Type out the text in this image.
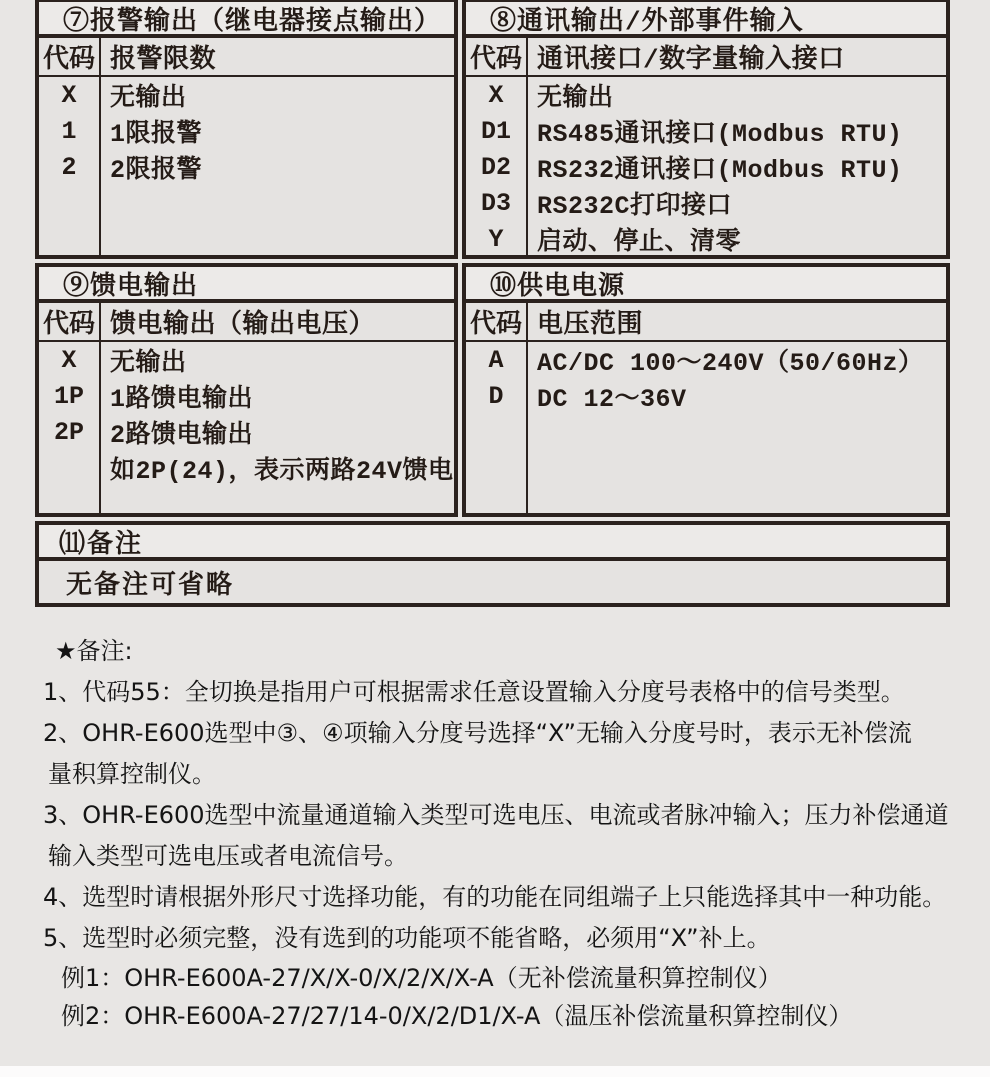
⑦报警输出（继电器接点输出）
代码
X
1
2
报警限数
无输出
1限报警
2限报警
⑧通讯输出/外部事件输入
代码
X
D1
D2
D3
Y
通讯接口/数字量输入接口
无输出
RS485通讯接口(Modbus RTU)
RS232通讯接口(Modbus RTU)
RS232C打印接口
启动、停止、清零
⑨馈电输出
代码
X
1P
2P
馈电输出（输出电压）
无输出
1路馈电输出
2路馈电输出
如2P(24)，表示两路24V馈电
⑩供电电源
代码
A
D
电压范围
AC/DC 100～240V（50/60Hz）
DC 12～36V
⑾备注
无备注可省略
★备注:
1、代码55：全切换是指用户可根据需求任意设置输入分度号表格中的信号类型。
2、OHR-E600选型中③、④项输入分度号选择“X”无输入分度号时，表示无补偿流
量积算控制仪。
3、OHR-E600选型中流量通道输入类型可选电压、电流或者脉冲输入；压力补偿通道
输入类型可选电压或者电流信号。
4、选型时请根据外形尺寸选择功能，有的功能在同组端子上只能选择其中一种功能。
5、选型时必须完整，没有选到的功能项不能省略，必须用“X”补上。
例1：OHR-E600A-27/X/X-0/X/2/X/X-A（无补偿流量积算控制仪）
例2：OHR-E600A-27/27/14-0/X/2/D1/X-A（温压补偿流量积算控制仪）
